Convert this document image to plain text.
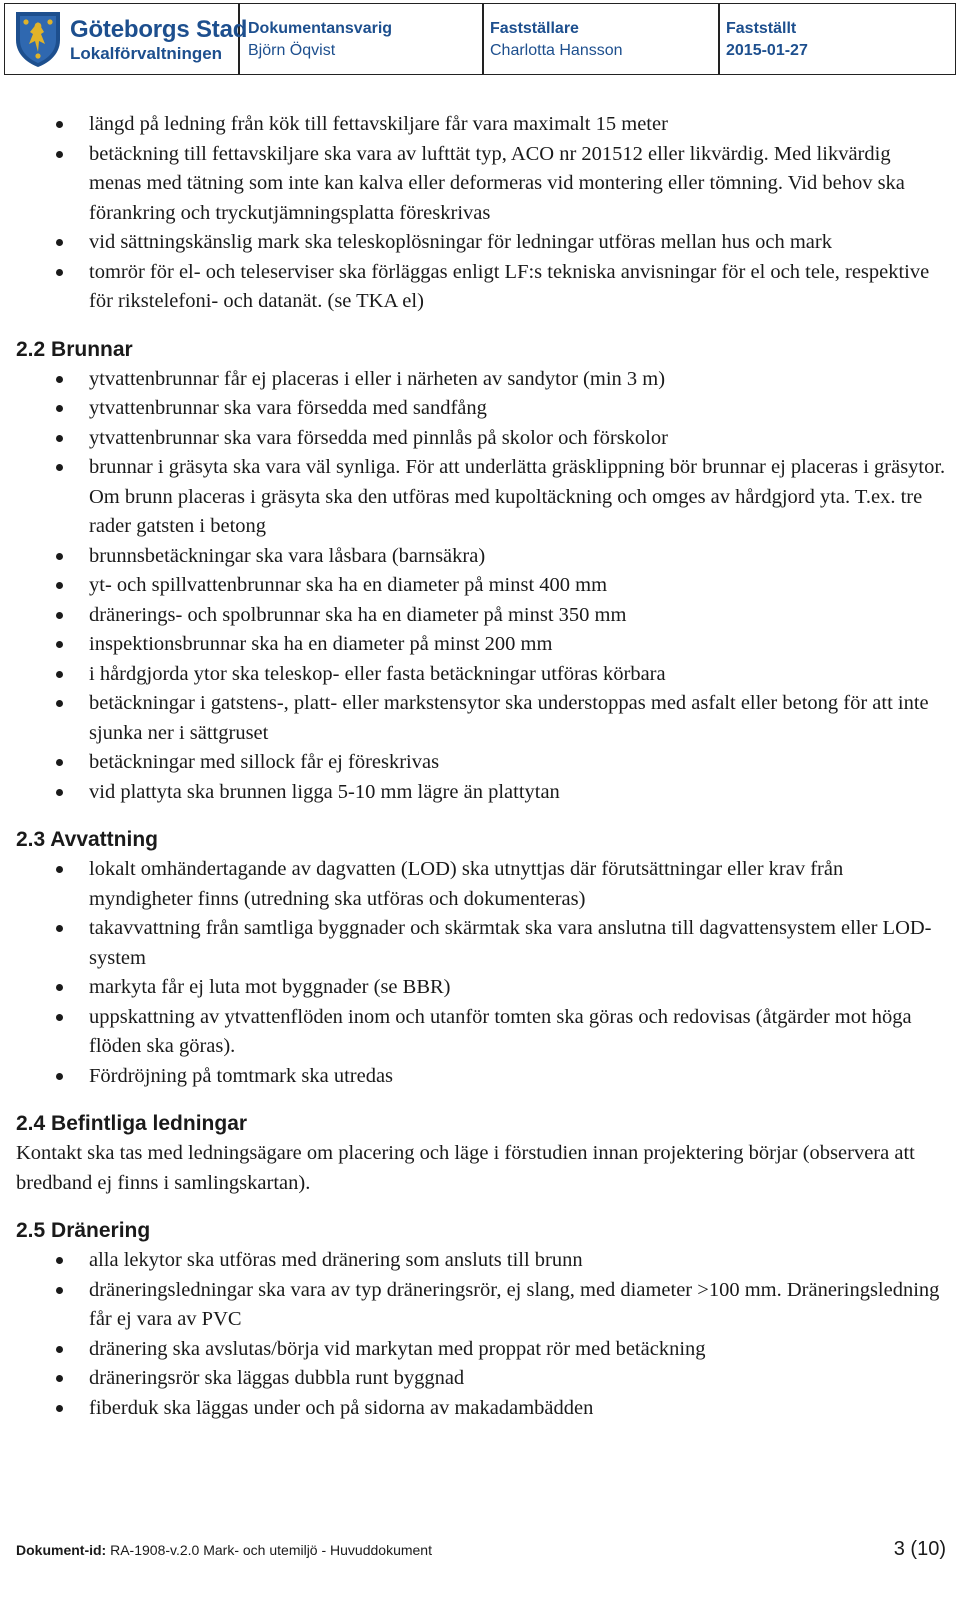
Göteborgs Stad
Lokalförvaltningen
Dokumentansvarig
Björn Öqvist
Fastställare
Charlotta Hansson
Fastställt
2015-01-27
längd på ledning från kök till fettavskiljare får vara maximalt 15 meter
betäckning till fettavskiljare ska vara av lufttät typ, ACO nr 201512 eller likvärdig. Med likvärdig menas med tätning som inte kan kalva eller deformeras vid montering eller tömning. Vid behov ska förankring och tryckutjämningsplatta föreskrivas
vid sättningskänslig mark ska teleskoplösningar för ledningar utföras mellan hus och mark
tomrör för el- och teleserviser ska förläggas enligt LF:s tekniska anvisningar för el och tele, respektive för rikstelefoni- och datanät. (se TKA el)
2.2 Brunnar
ytvattenbrunnar får ej placeras i eller i närheten av sandytor (min 3 m)
ytvattenbrunnar ska vara försedda med sandfång
ytvattenbrunnar ska vara försedda med pinnlås på skolor och förskolor
brunnar i gräsyta ska vara väl synliga. För att underlätta gräsklippning bör brunnar ej placeras i gräsytor. Om brunn placeras i gräsyta ska den utföras med kupoltäckning och omges av hårdgjord yta. T.ex. tre rader gatsten i betong
brunnsbetäckningar ska vara låsbara (barnsäkra)
yt- och spillvattenbrunnar ska ha en diameter på minst 400 mm
dränerings- och spolbrunnar ska ha en diameter på minst 350 mm
inspektionsbrunnar ska ha en diameter på minst 200 mm
i hårdgjorda ytor ska teleskop- eller fasta betäckningar utföras körbara
betäckningar i gatstens-, platt- eller markstensytor ska understoppas med asfalt eller betong för att inte sjunka ner i sättgruset
betäckningar med sillock får ej föreskrivas
vid plattyta ska brunnen ligga 5-10 mm lägre än plattytan
2.3 Avvattning
lokalt omhändertagande av dagvatten (LOD) ska utnyttjas där förutsättningar eller krav från myndigheter finns (utredning ska utföras och dokumenteras)
takavvattning från samtliga byggnader och skärmtak ska vara anslutna till dagvattensystem eller LOD-system
markyta får ej luta mot byggnader (se BBR)
uppskattning av ytvattenflöden inom och utanför tomten ska göras och redovisas (åtgärder mot höga flöden ska göras).
Fördröjning på tomtmark ska utredas
2.4 Befintliga ledningar

Kontakt ska tas med ledningsägare om placering och läge i förstudien innan projektering börjar (observera att bredband ej finns i samlingskartan).

2.5 Dränering
alla lekytor ska utföras med dränering som ansluts till brunn
dräneringsledningar ska vara av typ dräneringsrör, ej slang, med diameter >100 mm. Dräneringsledning får ej vara av PVC
dränering ska avslutas/börja vid markytan med proppat rör med betäckning
dräneringsrör ska läggas dubbla runt byggnad
fiberduk ska läggas under och på sidorna av makadambädden
Dokument-id: RA-1908-v.2.0 Mark- och utemiljö - Huvuddokument	3 (10)
